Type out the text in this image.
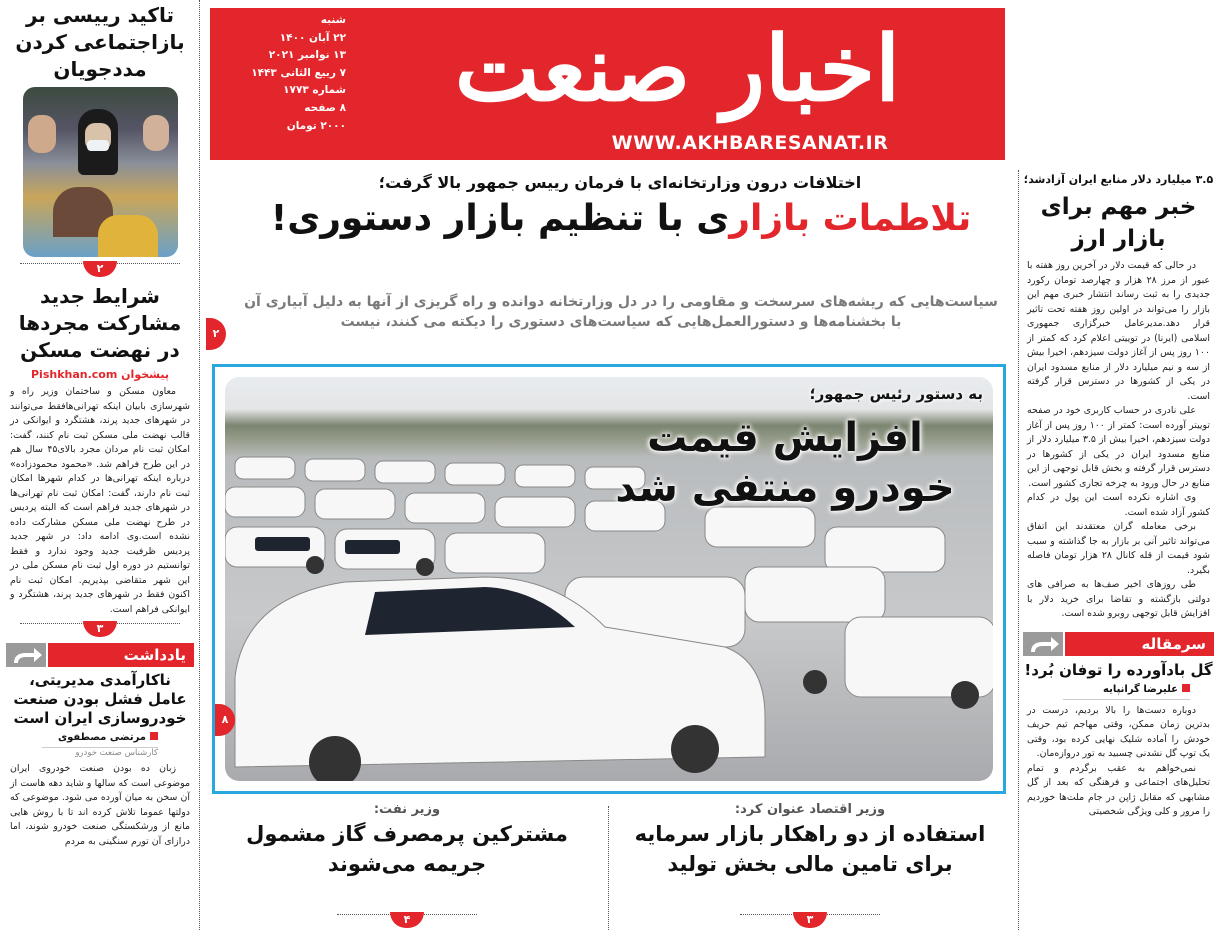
تاکید رییسی بر بازاجتماعی کردن مددجویان
۲
شرایط جدید مشارکت مجردها در نهضت مسکن
پیشخوان Pishkhan.com

معاون مسکن و ساختمان وزیر راه و شهرسازی بابیان اینکه تهرانی‌هافقط می‌توانند در شهرهای جدید پرند، هشتگرد و ایوانکی در قالب نهضت ملی مسکن ثبت نام کنند، گفت: امکان ثبت نام مردان مجرد بالای۴۵ سال هم در این طرح فراهم شد. «محمود محمودزاده» درباره اینکه تهرانی‌ها در کدام شهرها امکان ثبت نام دارند، گفت: امکان ثبت نام تهرانی‌ها در شهرهای جدید فراهم است که البته پردیس در طرح نهضت ملی مسکن مشارکت داده نشده است.وی ادامه داد: در شهر جدید پردیس ظرفیت جدید وجود ندارد و فقط توانستیم در دوره اول ثبت نام مسکن ملی در این شهر متقاضی بپذیریم. امکان ثبت نام اکنون فقط در شهرهای جدید پرند، هشتگرد و ایوانکی فراهم است.

۳
یادداشت
ناکارآمدی مدیریتی، عامل فشل بودن صنعت خودروسازی ایران است
مرتضی مصطفوی
کارشناس صنعت خودرو

زبان ده بودن صنعت خودروی ایران موضوعی است که سالها و شاید دهه هاست از آن سخن به میان آورده می شود. موضوعی که دولتها عموما تلاش کرده اند تا با روش هایی مانع از ورشکستگی صنعت خودرو شوند، اما درازای آن تورم سنگینی به مردم

شنبه
۲۲ آبان ۱۴۰۰
۱۳ نوامبر ۲۰۲۱
۷ ربیع الثانی ۱۴۴۳
شماره ۱۷۷۳
۸ صفحه
۲۰۰۰ تومان
اخبار صنعت
WWW.AKHBARESANAT.IR
اختلافات درون وزارتخانه‌ای با فرمان رییس جمهور بالا گرفت؛
تلاطمات بازاری با تنظیم بازار دستوری!
سیاست‌هایی که ریشه‌های سرسخت و مقاومی را در دل وزارتخانه دوانده و راه گریزی از آنها به دلیل آبیاری آن با بخشنامه‌ها و دستورالعمل‌هایی که سیاست‌های دستوری را دیکته می کنند، نیست
۲
به دستور رئیس جمهور؛
افزایش قیمت خودرو منتفی شد
۸
وزیر اقتصاد عنوان کرد:
استفاده از دو راهکار بازار سرمایه برای تامین مالی بخش تولید
۳
وزیر نفت:
مشترکین پرمصرف گاز مشمول جریمه می‌شوند
۴
۳.۵ میلیارد دلار منابع ایران آزادشد؛
خبر مهم برای بازار ارز

در حالی که قیمت دلار در آخرین روز هفته با عبور از مرز ۲۸ هزار و چهارصد تومان رکورد جدیدی را به ثبت رساند انتشار خبری مهم این بازار را می‌تواند در اولین روز هفته تحت تاثیر قرار دهد.مدیرعامل خبرگزاری جمهوری اسلامی (ایرنا) در توییتی اعلام کرد که کمتر از ۱۰۰ روز پس از آغاز دولت سیزدهم، اخیرا بیش از سه و نیم میلیارد دلار از منابع مسدود ایران در یکی از کشورها در دسترس قرار گرفته است.

علی نادری در حساب کاربری خود در صفحه توییتر آورده است: کمتر از ۱۰۰ روز پس از آغاز دولت سیزدهم، اخیرا بیش از ۳.۵ میلیارد دلار از منابع مسدود ایران در یکی از کشورها در دسترس قرار گرفته و بخش قابل توجهی از این منابع در حال ورود به چرخه تجاری کشور است.

وی اشاره نکرده است این پول در کدام کشور آزاد شده است.

برخی معامله گران معتقدند این اتفاق می‌تواند تاثیر آنی بر بازار به جا گذاشته و سبب شود قیمت از قله کانال ۲۸ هزار تومان فاصله بگیرد.

طی روزهای اخیر صف‌ها به صرافی های دولتی بازگشته و تقاضا برای خرید دلار با افزایش قابل توجهی روبرو شده است.

سرمقاله
گل بادآورده را توفان بُرد!
علیرضا گرانپایه

دوباره دست‌ها را بالا بردیم، درست در بدترین زمان ممکن، وقتی مهاجم تیم حریف خودش را آماده شلیک نهایی کرده بود، وقتی یک توپ گل نشدنی چسبید به تور دروازه‌مان.

نمی‌خواهم به عقب برگردم و تمام تحلیل‌های اجتماعی و فرهنگی که بعد از گل مشابهی که مقابل ژاپن در جام ملت‌ها خوردیم را مرور و کلی ویژگی شخصیتی
